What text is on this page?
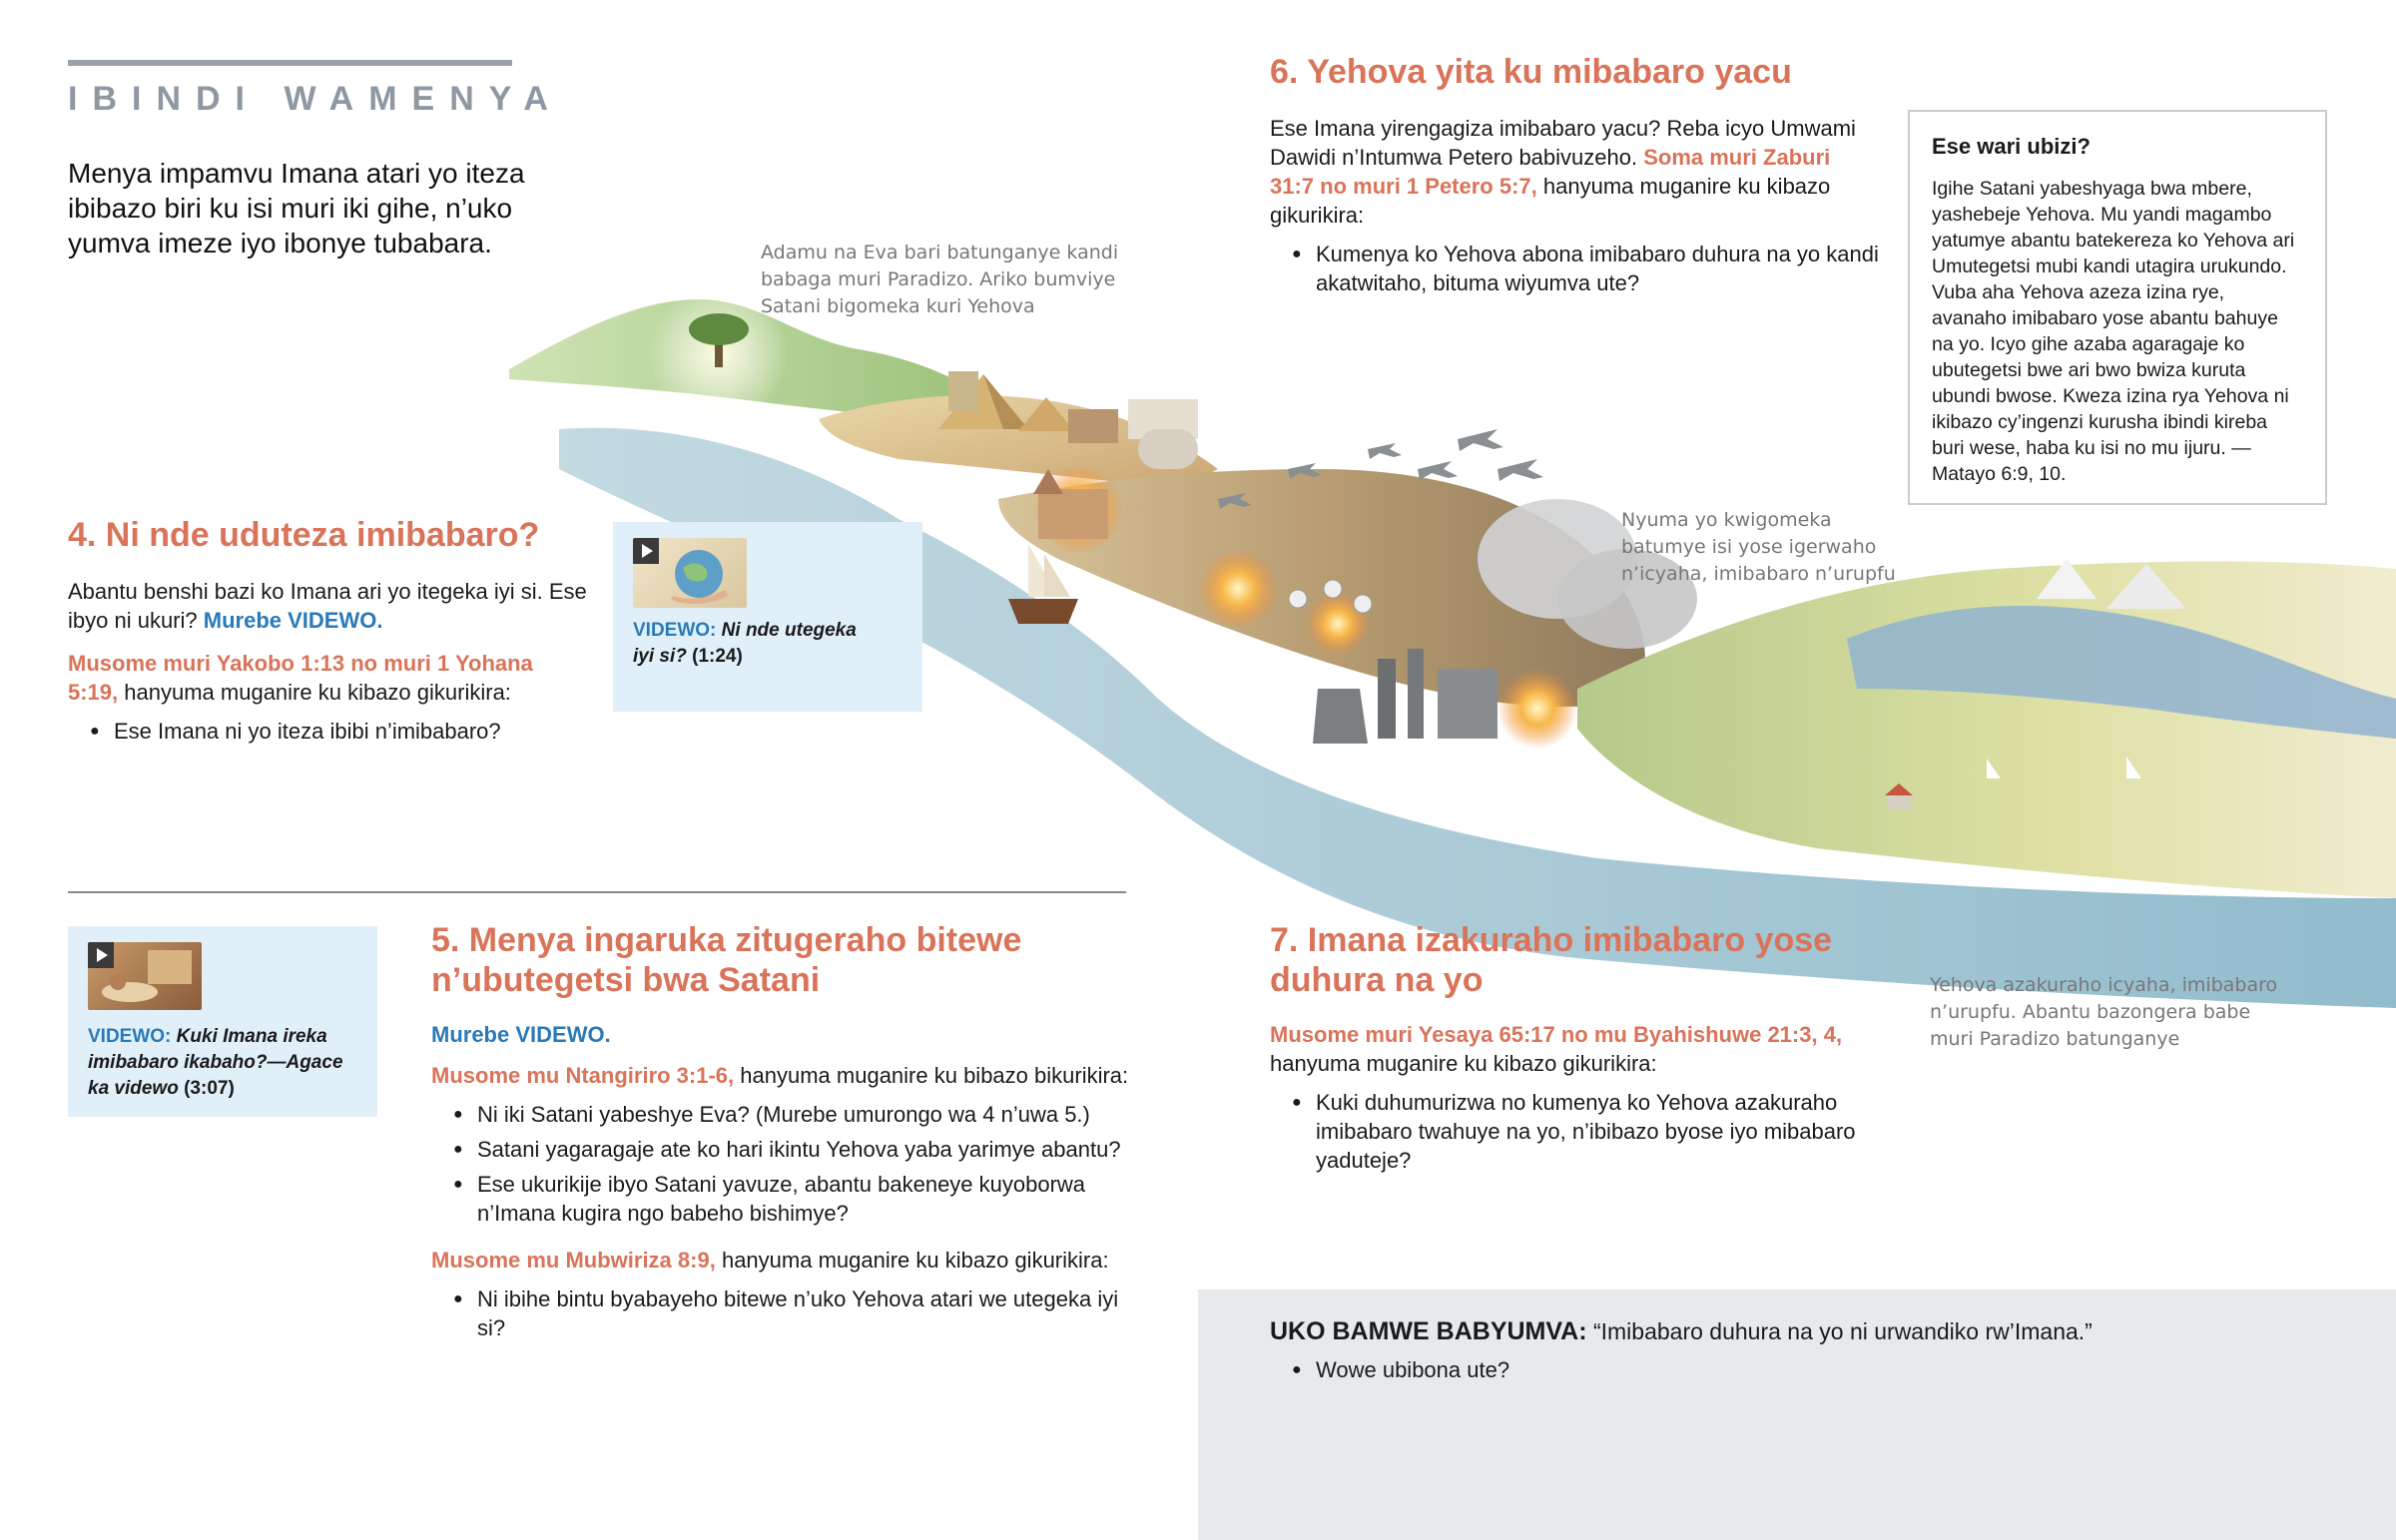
IBINDI WAMENYA
Menya impamvu Imana atari yo iteza ibibazo biri ku isi muri iki gihe, n’uko yumva imeze iyo ibonye tubabara.	Adamu na Eva bari batunganye kandi babaga muri Paradizo. Ariko bumviye Satani bigomeka kuri Yehova
Nyuma yo kwigomeka batumye isi yose igerwaho n’icyaha, imibabaro n’urupfu
Yehova azakuraho icyaha, imibabaro n’urupfu. Abantu bazongera babe muri Paradizo batunganye
4. Ni nde uduteza imibabaro?
Abantu benshi bazi ko Imana ari yo itegeka iyi si. Ese ibyo ni ukuri? Murebe VIDEWO.
Musome muri Yakobo 1:13 no muri 1 Yohana 5:19, hanyuma muganire ku kibazo gikurikira:
● Ese Imana ni yo iteza ibibi n’imibabaro?
VIDEWO: Ni nde utegeka iyi si? (1:24)
VIDEWO: Kuki Imana ireka imibabaro ikabaho?—Agace ka videwo (3:07)
5. Menya ingaruka zitugeraho bitewe n’ubutegetsi bwa Satani
Murebe VIDEWO.
Musome mu Ntangiriro 3:1-6, hanyuma muganire ku bibazo bikurikira:
● Ni iki Satani yabeshye Eva? (Murebe umurongo wa 4 n’uwa 5.)
● Satani yagaragaje ate ko hari ikintu Yehova yaba yarimye abantu?
● Ese ukurikije ibyo Satani yavuze, abantu bakeneye kuyoborwa n’Imana kugira ngo babeho bishimye?
Musome mu Mubwiriza 8:9, hanyuma muganire ku kibazo gikurikira:
● Ni ibihe bintu byabayeho bitewe n’uko Yehova atari we utegeka iyi si?
6. Yehova yita ku mibabaro yacu
Ese Imana yirengagiza imibabaro yacu? Reba icyo Umwami Dawidi n’Intumwa Petero babivuzeho. Soma muri Zaburi 31:7 no muri 1 Petero 5:7, hanyuma muganire ku kibazo gikurikira:
● Kumenya ko Yehova abona imibabaro duhura na yo kandi akatwitaho, bituma wiyumva ute?
Ese wari ubizi?

Igihe Satani yabeshyaga bwa mbere, yashebeje Yehova. Mu yandi magambo yatumye abantu batekereza ko Yehova ari Umutegetsi mubi kandi utagira urukundo. Vuba aha Yehova azeza izina rye, avanaho imibabaro yose abantu bahuye na yo. Icyo gihe azaba agaragaje ko ubutegetsi bwe ari bwo bwiza kuruta ubundi bwose. Kweza izina rya Yehova ni ikibazo cy’ingenzi kurusha ibindi kireba buri wese, haba ku isi no mu ijuru. —Matayo 6:9, 10.

7. Imana izakuraho imibabaro yose duhura na yo
Musome muri Yesaya 65:17 no mu Byahishuwe 21:3, 4, hanyuma muganire ku kibazo gikurikira:
● Kuki duhumurizwa no kumenya ko Yehova azakuraho imibabaro twahuye na yo, n’ibibazo byose iyo mibabaro yaduteje?
UKO BAMWE BABYUMVA: “Imibabaro duhura na yo ni urwandiko rw’Imana.”
● Wowe ubibona ute?
